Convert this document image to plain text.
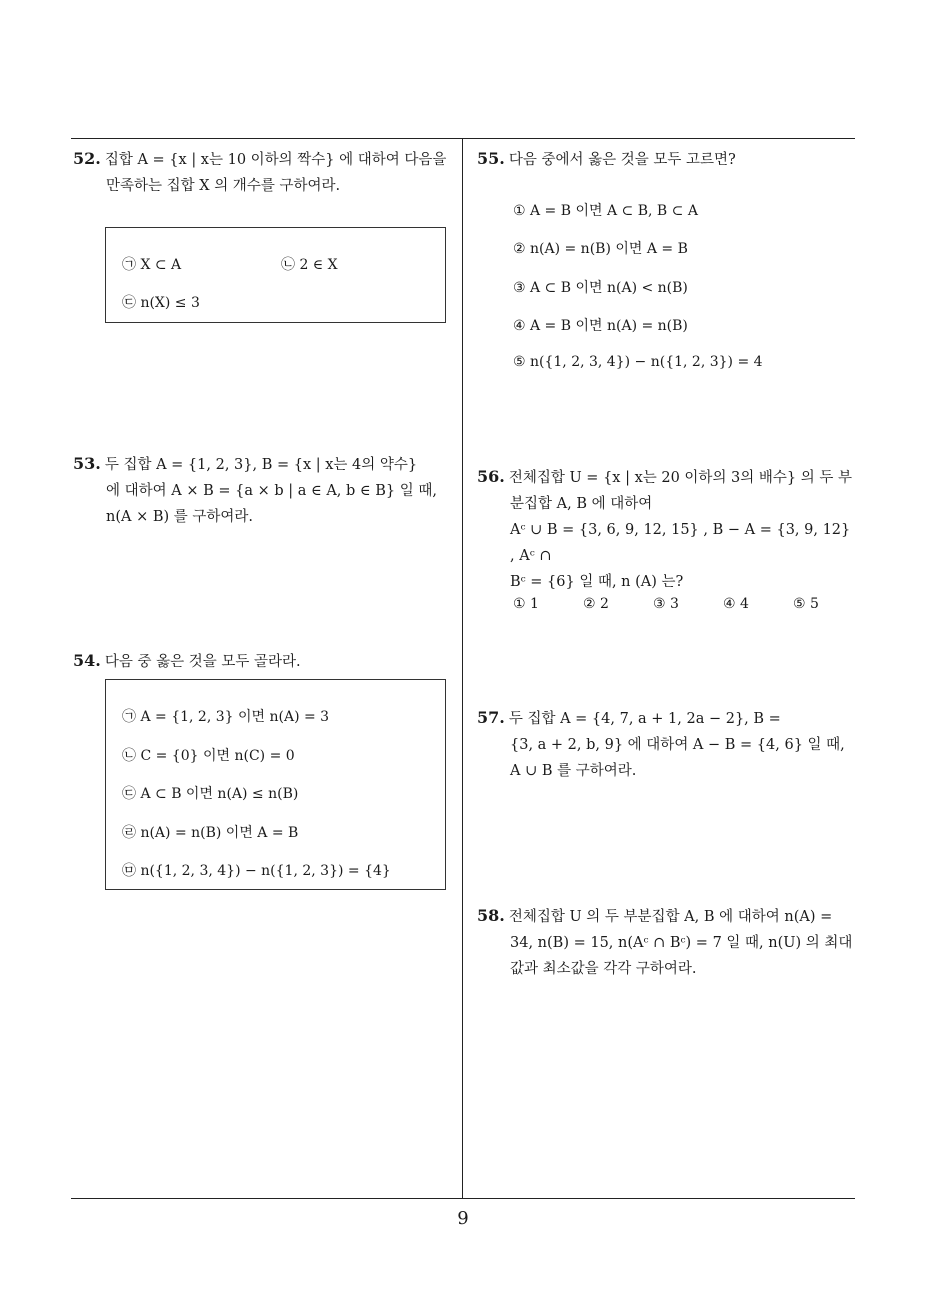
9
52. 집합 A = {x | x는 10 이하의 짝수} 에 대하여 다음을
만족하는 집합 X 의 개수를 구하여라.
㉠ X ⊂ A	㉡ 2 ∈ X
㉢ n(X) ≤ 3
53. 두 집합 A = {1, 2, 3}, B = {x | x는 4의 약수}
에 대하여 A × B = {a × b | a ∈ A, b ∈ B} 일 때,
n(A × B) 를 구하여라.
54. 다음 중 옳은 것을 모두 골라라.
㉠ A = {1, 2, 3} 이면 n(A) = 3
㉡ C = {0} 이면 n(C) = 0
㉢ A ⊂ B 이면 n(A) ≤ n(B)
㉣ n(A) = n(B) 이면 A = B
㉤ n({1, 2, 3, 4}) − n({1, 2, 3}) = {4}
55. 다음 중에서 옳은 것을 모두 고르면?
① A = B 이면 A ⊂ B, B ⊂ A
② n(A) = n(B) 이면 A = B
③ A ⊂ B 이면 n(A) < n(B)
④ A = B 이면 n(A) = n(B)
⑤ n({1, 2, 3, 4}) − n({1, 2, 3}) = 4
56. 전체집합 U = {x | x는 20 이하의 3의 배수} 의 두 부
분집합 A, B 에 대하여
Aᶜ ∪ B = {3, 6, 9, 12, 15} , B − A = {3, 9, 12} , Aᶜ ∩
Bᶜ = {6} 일 때, n (A) 는?
① 1	② 2	③ 3	④ 4	⑤ 5
57. 두 집합 A = {4, 7, a + 1, 2a − 2}, B =
{3, a + 2, b, 9} 에 대하여 A − B = {4, 6} 일 때,
A ∪ B 를 구하여라.
58. 전체집합 U 의 두 부분집합 A, B 에 대하여 n(A) =
34, n(B) = 15, n(Aᶜ ∩ Bᶜ) = 7 일 때, n(U) 의 최대
값과 최소값을 각각 구하여라.
